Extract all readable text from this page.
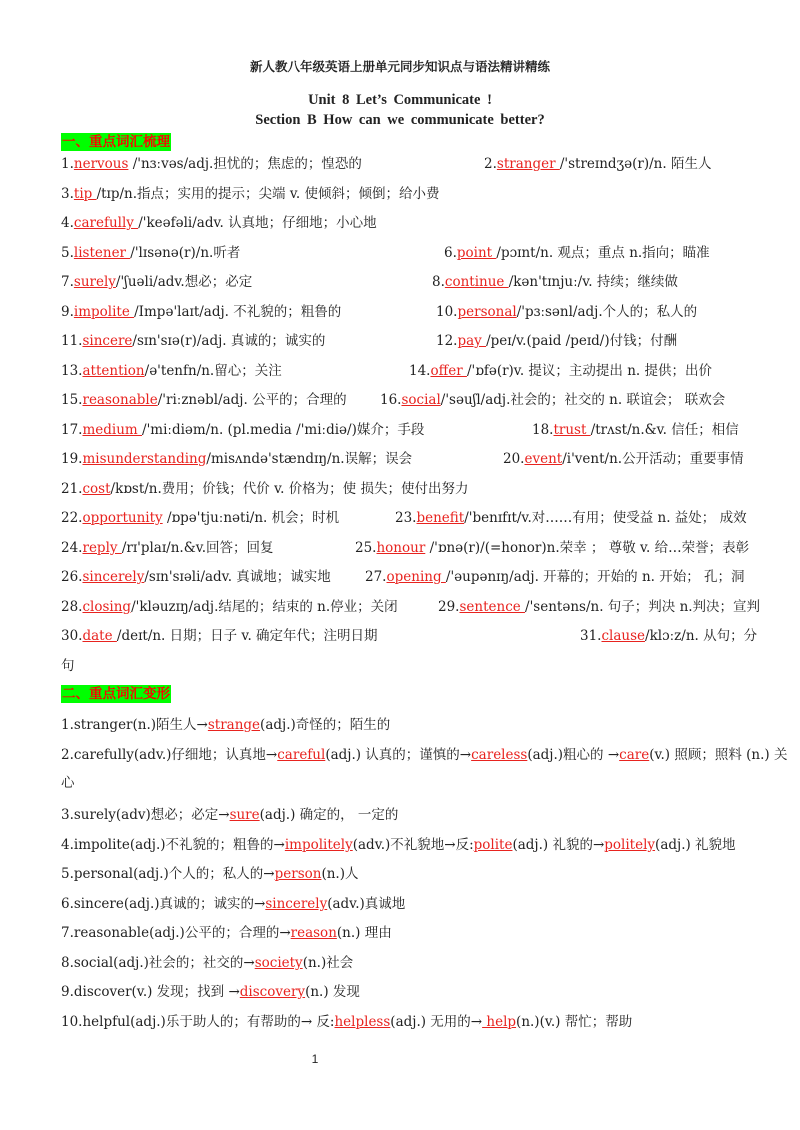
新人教八年级英语上册单元同步知识点与语法精讲精练
Unit 8 Let’s Communicate !
Section B How can we communicate better?
一、重点词汇梳理
1.nervous /'nɜːvəs/adj.担忧的；焦虑的；惶恐的	2.stranger /'streɪndʒə(r)/n. 陌生人
3.tip /tɪp/n.指点；实用的提示；尖端 v. 使倾斜；倾倒；给小费
4.carefully /'keəfəli/adv. 认真地；仔细地；小心地
5.listener /'lɪsənə(r)/n.听者	6.point /pɔɪnt/n. 观点；重点 n.指向；瞄准
7.surely/'ʃuəli/adv.想必；必定	8.continue /kən'tɪnjuː/v. 持续；继续做
9.impolite /Impə'laɪt/adj. 不礼貌的；粗鲁的	10.personal/'pɜːsənl/adj.个人的；私人的
11.sincere/sɪn'sɪə(r)/adj. 真诚的；诚实的	12.pay /peɪ/v.(paid /peɪd/)付钱；付酬
13.attention/ə'tenfn/n.留心；关注	14.offer /'ɒfə(r)v. 提议；主动提出 n. 提供；出价
15.reasonable/'riːznəbl/adj. 公平的；合理的 16.social/'səuʃl/adj.社会的；社交的 n. 联谊会； 联欢会
17.medium /'miːdiəm/n. (pl.media /'miːdiə/)媒介；手段	18.trust /trʌst/n.&v. 信任；相信
19.misunderstanding/misʌndə'stændɪŋ/n.误解；误会	20.event/i'vent/n.公开活动；重要事情
21.cost/kɒst/n.费用；价钱；代价 v. 价格为；使 损失；使付出努力
22.opportunity /ɒpə'tjuːnəti/n. 机会；时机	23.benefit/'benɪfɪt/v.对……有用；使受益 n. 益处； 成效
24.reply /rɪ'plaɪ/n.&v.回答；回复	25.honour /'ɒnə(r)/(=honor)n.荣幸 ； 尊敬 v. 给…荣誉；表彰
26.sincerely/sɪn'sɪəli/adv. 真诚地；诚实地	27.opening /'əupənɪŋ/adj. 开幕的；开始的 n. 开始； 孔；洞
28.closing/'kləuzɪŋ/adj.结尾的；结束的 n.停业；关闭	29.sentence /'sentəns/n. 句子；判决 n.判决；宣判
30.date /deɪt/n. 日期；日子 v. 确定年代；注明日期	31.clause/klɔːz/n. 从句；分
句
二、重点词汇变形
1.stranger(n.)陌生人→strange(adj.)奇怪的；陌生的
2.carefully(adv.)仔细地；认真地→careful(adj.) 认真的；谨慎的→careless(adj.)粗心的 →care(v.) 照顾；照料 (n.) 关
心
3.surely(adv)想必；必定→sure(adj.) 确定的， 一定的
4.impolite(adj.)不礼貌的；粗鲁的→impolitely(adv.)不礼貌地→反:polite(adj.) 礼貌的→politely(adj.) 礼貌地
5.personal(adj.)个人的；私人的→person(n.)人
6.sincere(adj.)真诚的；诚实的→sincerely(adv.)真诚地
7.reasonable(adj.)公平的；合理的→reason(n.) 理由
8.social(adj.)社会的；社交的→society(n.)社会
9.discover(v.) 发现；找到 →discovery(n.) 发现
10.helpful(adj.)乐于助人的；有帮助的→ 反:helpless(adj.) 无用的→ help(n.)(v.) 帮忙；帮助
1
